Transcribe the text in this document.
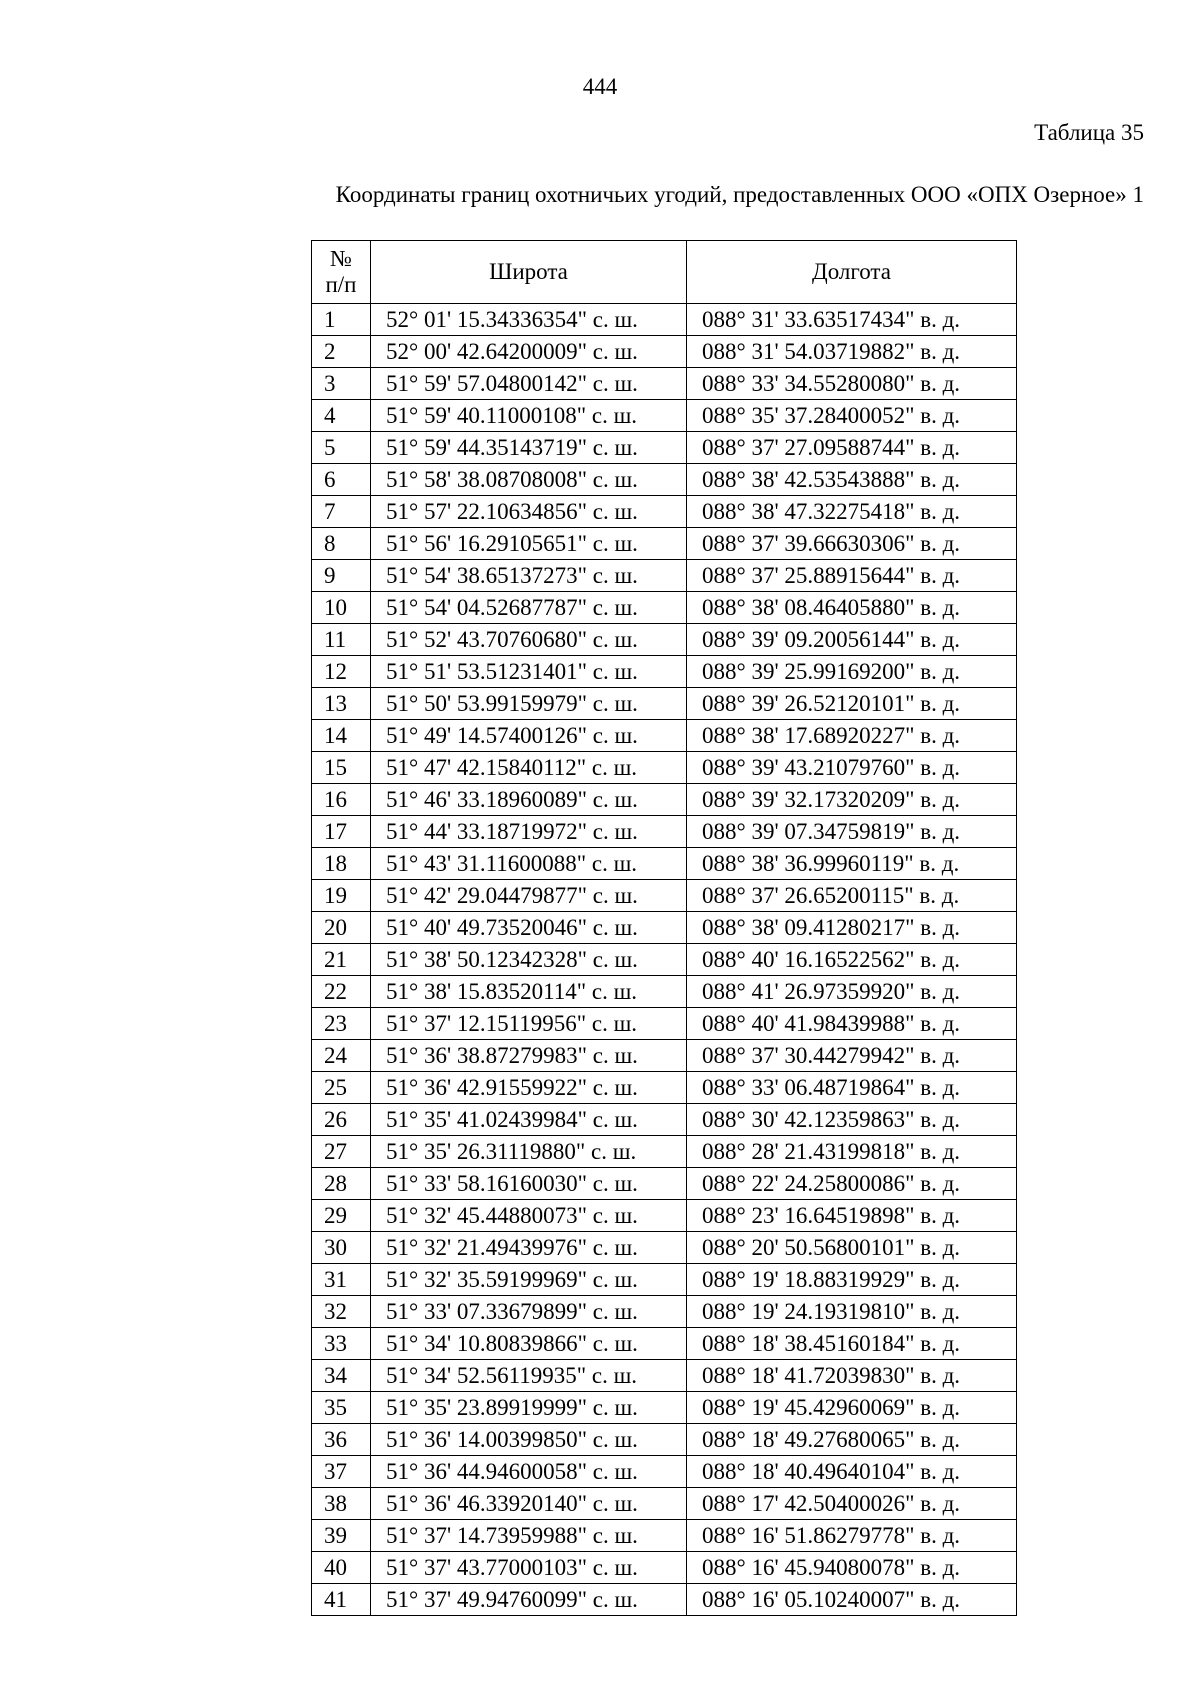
444
Таблица 35
Координаты границ охотничьих угодий, предоставленных ООО «ОПХ Озерное» 1
№
п/п	Широта	Долгота
1	52° 01' 15.34336354" с. ш.	088° 31' 33.63517434" в. д.
2	52° 00' 42.64200009" с. ш.	088° 31' 54.03719882" в. д.
3	51° 59' 57.04800142" с. ш.	088° 33' 34.55280080" в. д.
4	51° 59' 40.11000108" с. ш.	088° 35' 37.28400052" в. д.
5	51° 59' 44.35143719" с. ш.	088° 37' 27.09588744" в. д.
6	51° 58' 38.08708008" с. ш.	088° 38' 42.53543888" в. д.
7	51° 57' 22.10634856" с. ш.	088° 38' 47.32275418" в. д.
8	51° 56' 16.29105651" с. ш.	088° 37' 39.66630306" в. д.
9	51° 54' 38.65137273" с. ш.	088° 37' 25.88915644" в. д.
10	51° 54' 04.52687787" с. ш.	088° 38' 08.46405880" в. д.
11	51° 52' 43.70760680" с. ш.	088° 39' 09.20056144" в. д.
12	51° 51' 53.51231401" с. ш.	088° 39' 25.99169200" в. д.
13	51° 50' 53.99159979" с. ш.	088° 39' 26.52120101" в. д.
14	51° 49' 14.57400126" с. ш.	088° 38' 17.68920227" в. д.
15	51° 47' 42.15840112" с. ш.	088° 39' 43.21079760" в. д.
16	51° 46' 33.18960089" с. ш.	088° 39' 32.17320209" в. д.
17	51° 44' 33.18719972" с. ш.	088° 39' 07.34759819" в. д.
18	51° 43' 31.11600088" с. ш.	088° 38' 36.99960119" в. д.
19	51° 42' 29.04479877" с. ш.	088° 37' 26.65200115" в. д.
20	51° 40' 49.73520046" с. ш.	088° 38' 09.41280217" в. д.
21	51° 38' 50.12342328" с. ш.	088° 40' 16.16522562" в. д.
22	51° 38' 15.83520114" с. ш.	088° 41' 26.97359920" в. д.
23	51° 37' 12.15119956" с. ш.	088° 40' 41.98439988" в. д.
24	51° 36' 38.87279983" с. ш.	088° 37' 30.44279942" в. д.
25	51° 36' 42.91559922" с. ш.	088° 33' 06.48719864" в. д.
26	51° 35' 41.02439984" с. ш.	088° 30' 42.12359863" в. д.
27	51° 35' 26.31119880" с. ш.	088° 28' 21.43199818" в. д.
28	51° 33' 58.16160030" с. ш.	088° 22' 24.25800086" в. д.
29	51° 32' 45.44880073" с. ш.	088° 23' 16.64519898" в. д.
30	51° 32' 21.49439976" с. ш.	088° 20' 50.56800101" в. д.
31	51° 32' 35.59199969" с. ш.	088° 19' 18.88319929" в. д.
32	51° 33' 07.33679899" с. ш.	088° 19' 24.19319810" в. д.
33	51° 34' 10.80839866" с. ш.	088° 18' 38.45160184" в. д.
34	51° 34' 52.56119935" с. ш.	088° 18' 41.72039830" в. д.
35	51° 35' 23.89919999" с. ш.	088° 19' 45.42960069" в. д.
36	51° 36' 14.00399850" с. ш.	088° 18' 49.27680065" в. д.
37	51° 36' 44.94600058" с. ш.	088° 18' 40.49640104" в. д.
38	51° 36' 46.33920140" с. ш.	088° 17' 42.50400026" в. д.
39	51° 37' 14.73959988" с. ш.	088° 16' 51.86279778" в. д.
40	51° 37' 43.77000103" с. ш.	088° 16' 45.94080078" в. д.
41	51° 37' 49.94760099" с. ш.	088° 16' 05.10240007" в. д.
